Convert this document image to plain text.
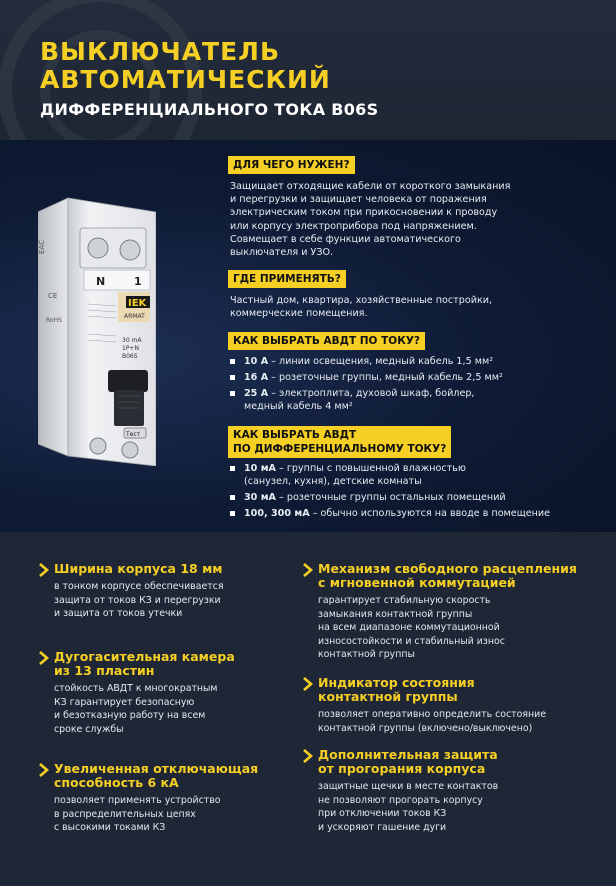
ВЫКЛЮЧАТЕЛЬ
АВТОМАТИЧЕСКИЙ
ДИФФЕРЕНЦИАЛЬНОГО ТОКА B06S
N	1
IEK
ARMAT
30 mA
1P+N
B06S
EAC
CE
RoHS
Тест
ДЛЯ ЧЕГО НУЖЕН?
Защищает отходящие кабели от короткого замыкания
и перегрузки и защищает человека от поражения
электрическим током при прикосновении к проводу
или корпусу электроприбора под напряжением.
Совмещает в себе функции автоматического
выключателя и УЗО.
ГДЕ ПРИМЕНЯТЬ?
Частный дом, квартира, хозяйственные постройки,
коммерческие помещения.
КАК ВЫБРАТЬ АВДТ ПО ТОКУ?
10 А – линии освещения, медный кабель 1,5 мм²
16 А – розеточные группы, медный кабель 2,5 мм²
25 А – электроплита, духовой шкаф, бойлер,
медный кабель 4 мм²
КАК ВЫБРАТЬ АВДТ
ПО ДИФФЕРЕНЦИАЛЬНОМУ ТОКУ?
10 мА – группы с повышенной влажностью
(санузел, кухня), детские комнаты
30 мА – розеточные группы остальных помещений
100, 300 мА – обычно используются на вводе в помещение
Ширина корпуса 18 мм
в тонком корпусе обеспечивается
защита от токов КЗ и перегрузки
и защита от токов утечки
Дугогасительная камера
из 13 пластин
стойкость АВДТ к многократным
КЗ гарантирует безопасную
и безотказную работу на всем
сроке службы
Увеличенная отключающая
способность 6 кА
позволяет применять устройство
в распределительных цепях
с высокими токами КЗ
Механизм свободного расцепления
с мгновенной коммутацией
гарантирует стабильную скорость
замыкания контактной группы
на всем диапазоне коммутационной
износостойкости и стабильный износ
контактной группы
Индикатор состояния
контактной группы
позволяет оперативно определить состояние
контактной группы (включено/выключено)
Дополнительная защита
от прогорания корпуса
защитные щечки в месте контактов
не позволяют прогорать корпусу
при отключении токов КЗ
и ускоряют гашение дуги
